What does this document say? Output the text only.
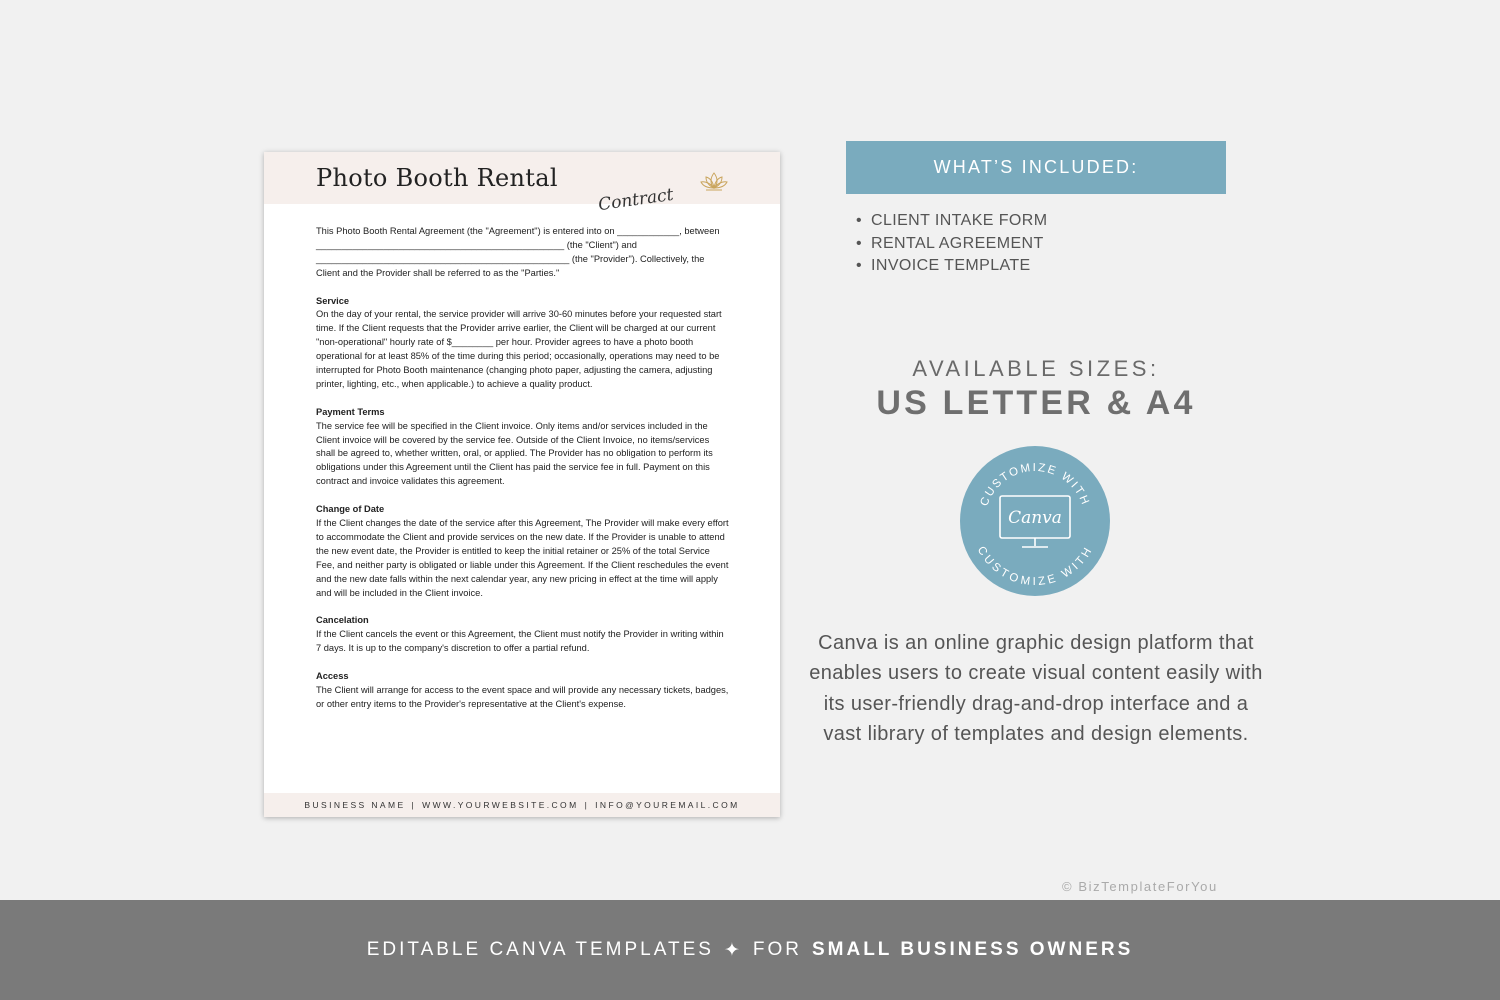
Photo Booth Rental
Contract

This Photo Booth Rental Agreement (the "Agreement") is entered into on ____________, between ________________________________________________ (the "Client") and _________________________________________________ (the "Provider"). Collectively, the Client and the Provider shall be referred to as the "Parties."

Service
On the day of your rental, the service provider will arrive 30-60 minutes before your requested start time. If the Client requests that the Provider arrive earlier, the Client will be charged at our current "non-operational" hourly rate of $________ per hour. Provider agrees to have a photo booth operational for at least 85% of the time during this period; occasionally, operations may need to be interrupted for Photo Booth maintenance (changing photo paper, adjusting the camera, adjusting printer, lighting, etc., when applicable.) to achieve a quality product.

Payment Terms
The service fee will be specified in the Client invoice. Only items and/or services included in the Client invoice will be covered by the service fee. Outside of the Client Invoice, no items/services shall be agreed to, whether written, oral, or applied. The Provider has no obligation to perform its obligations under this Agreement until the Client has paid the service fee in full. Payment on this contract and invoice validates this agreement.

Change of Date
If the Client changes the date of the service after this Agreement, The Provider will make every effort to accommodate the Client and provide services on the new date. If the Provider is unable to attend the new event date, the Provider is entitled to keep the initial retainer or 25% of the total Service Fee, and neither party is obligated or liable under this Agreement. If the Client reschedules the event and the new date falls within the next calendar year, any new pricing in effect at the time will apply and will be included in the Client invoice.

Cancelation
If the Client cancels the event or this Agreement, the Client must notify the Provider in writing within 7 days. It is up to the company's discretion to offer a partial refund.

Access
The Client will arrange for access to the event space and will provide any necessary tickets, badges, or other entry items to the Provider's representative at the Client's expense.

BUSINESS NAME | WWW.YOURWEBSITE.COM | INFO@YOUREMAIL.COM
WHAT’S INCLUDED:
• CLIENT INTAKE FORM
• RENTAL AGREEMENT
• INVOICE TEMPLATE
AVAILABLE SIZES:
US LETTER & A4
CUSTOMIZE WITH
CUSTOMIZE WITH
Canva
Canva is an online graphic design platform that enables users to create visual content easily with its user-friendly drag-and-drop interface and a vast library of templates and design elements.
© BizTemplateForYou
EDITABLE CANVA TEMPLATES ✦ FOR SMALL BUSINESS OWNERS
